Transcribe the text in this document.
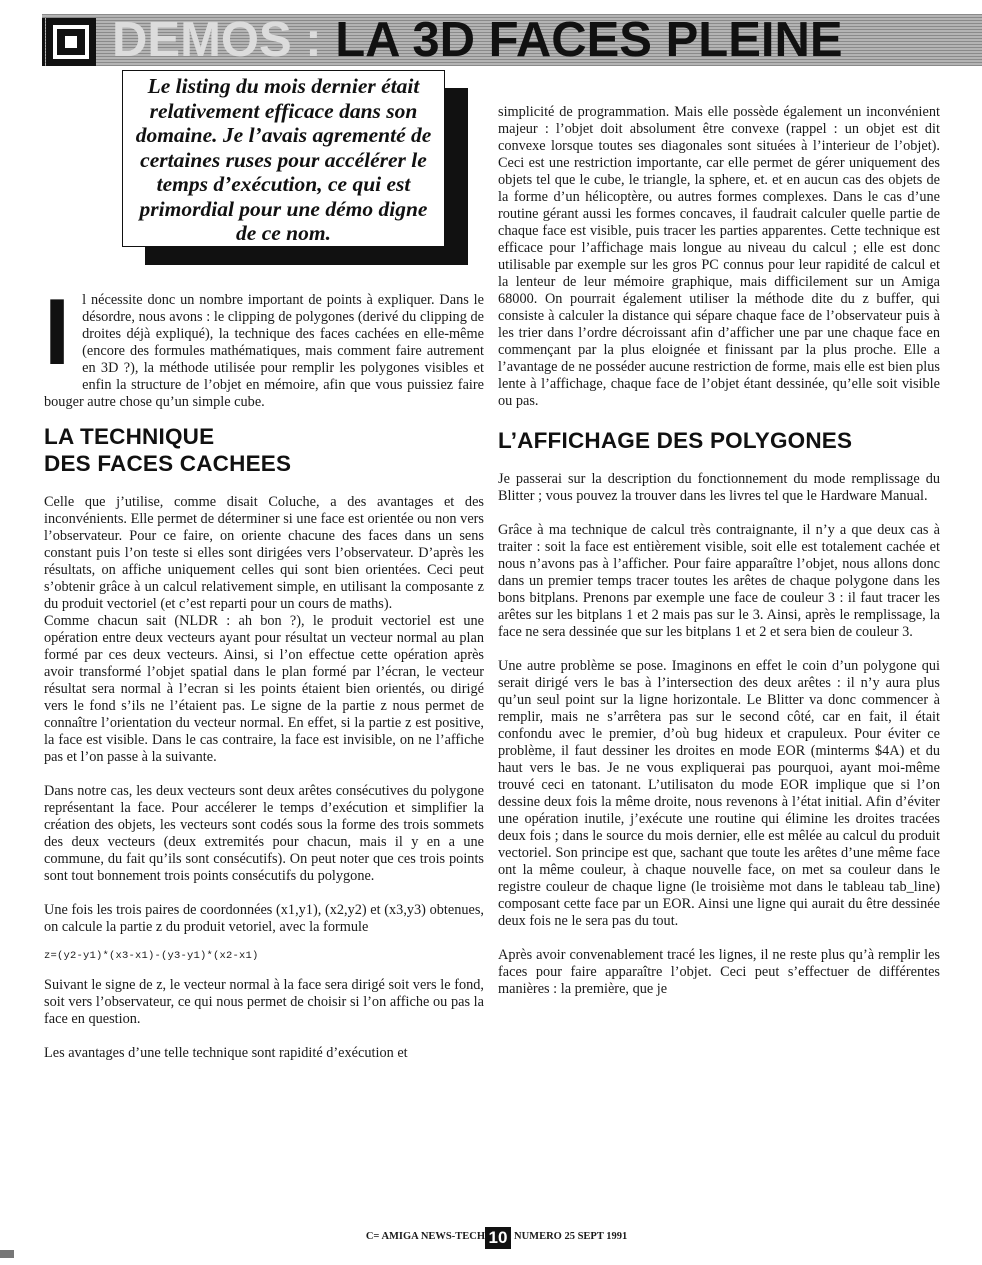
DEMOS : LA 3D FACES PLEINE

Le listing du mois dernier était relativement efficace dans son domaine. Je l’avais agrementé de certaines ruses pour accélérer le temps d’exécution, ce qui est primordial pour une démo digne de ce nom.

Il nécessite donc un nombre important de points à expliquer. Dans le désordre, nous avons : le clipping de polygones (derivé du clipping de droites déjà expliqué), la technique des faces cachées en elle-même (encore des formules mathématiques, mais comment faire autrement en 3D ?), la méthode utilisée pour remplir les polygones visibles et enfin la structure de l’objet en mémoire, afin que vous puissiez faire bouger autre chose qu’un simple cube.

LA TECHNIQUE
DES FACES CACHEES

Celle que j’utilise, comme disait Coluche, a des avantages et des inconvénients. Elle permet de déterminer si une face est orientée ou non vers l’observateur. Pour ce faire, on oriente chacune des faces dans un sens constant puis l’on teste si elles sont dirigées vers l’observateur. D’après les résultats, on affiche uniquement celles qui sont bien orientées. Ceci peut s’obtenir grâce à un calcul relativement simple, en utilisant la composante z du produit vectoriel (et c’est reparti pour un cours de maths).

Comme chacun sait (NLDR : ah bon ?), le produit vectoriel est une opération entre deux vecteurs ayant pour résultat un vecteur normal au plan formé par ces deux vecteurs. Ainsi, si l’on effectue cette opération après avoir transformé l’objet spatial dans le plan formé par l’écran, le vecteur résultat sera normal à l’ecran si les points étaient bien orientés, ou dirigé vers le fond s’ils ne l’étaient pas. Le signe de la partie z nous permet de connaître l’orientation du vecteur normal. En effet, si la partie z est positive, la face est visible. Dans le cas contraire, la face est invisible, on ne l’affiche pas et l’on passe à la suivante.

Dans notre cas, les deux vecteurs sont deux arêtes consécutives du polygone représentant la face. Pour accélerer le temps d’exécution et simplifier la création des objets, les vecteurs sont codés sous la forme des trois sommets des deux vecteurs (deux extremités pour chacun, mais il y en a une commune, du fait qu’ils sont consécutifs). On peut noter que ces trois points sont tout bonnement trois points consécutifs du polygone.

Une fois les trois paires de coordonnées (x1,y1), (x2,y2) et (x3,y3) obtenues, on calcule la partie z du produit vetoriel, avec la formule

z=(y2-y1)*(x3-x1)-(y3-y1)*(x2-x1)

Suivant le signe de z, le vecteur normal à la face sera dirigé soit vers le fond, soit vers l’observateur, ce qui nous permet de choisir si l’on affiche ou pas la face en question.

Les avantages d’une telle technique sont rapidité d’exécution et

simplicité de programmation. Mais elle possède également un inconvénient majeur : l’objet doit absolument être convexe (rappel : un objet est dit convexe lorsque toutes ses diagonales sont situées à l’interieur de l’objet). Ceci est une restriction importante, car elle permet de gérer uniquement des objets tel que le cube, le triangle, la sphere, et. et en aucun cas des objets de la forme d’un hélicoptère, ou autres formes complexes. Dans le cas d’une routine gérant aussi les formes concaves, il faudrait calculer quelle partie de chaque face est visible, puis tracer les parties apparentes. Cette technique est efficace pour l’affichage mais longue au niveau du calcul ; elle est donc utilisable par exemple sur les gros PC connus pour leur rapidité de calcul et la lenteur de leur mémoire graphique, mais difficilement sur un Amiga 68000. On pourrait également utiliser la méthode dite du z buffer, qui consiste à calculer la distance qui sépare chaque face de l’observateur puis à les trier dans l’ordre décroissant afin d’afficher une par une chaque face en commençant par la plus eloignée et finissant par la plus proche. Elle a l’avantage de ne posséder aucune restriction de forme, mais elle est bien plus lente à l’affichage, chaque face de l’objet étant dessinée, qu’elle soit visible ou pas.

L’AFFICHAGE DES POLYGONES

Je passerai sur la description du fonctionnement du mode remplissage du Blitter ; vous pouvez la trouver dans les livres tel que le Hardware Manual.

Grâce à ma technique de calcul très contraignante, il n’y a que deux cas à traiter : soit la face est entièrement visible, soit elle est totalement cachée et nous n’avons pas à l’afficher. Pour faire apparaître l’objet, nous allons donc dans un premier temps tracer toutes les arêtes de chaque polygone dans les bons bitplans. Prenons par exemple une face de couleur 3 : il faut tracer les arêtes sur les bitplans 1 et 2 mais pas sur le 3. Ainsi, après le remplissage, la face ne sera dessinée que sur les bitplans 1 et 2 et sera bien de couleur 3.

Une autre problème se pose. Imaginons en effet le coin d’un polygone qui serait dirigé vers le bas à l’intersection des deux arêtes : il n’y aura plus qu’un seul point sur la ligne horizontale. Le Blitter va donc commencer à remplir, mais ne s’arrêtera pas sur le second côté, car en fait, il était confondu avec le premier, d’où bug hideux et crapuleux. Pour éviter ce problème, il faut dessiner les droites en mode EOR (minterms $4A) et du haut vers le bas. Je ne vous expliquerai pas pourquoi, ayant moi-même trouvé ceci en tatonant. L’utilisaton du mode EOR implique que si l’on dessine deux fois la même droite, nous revenons à l’état initial. Afin d’éviter une opération inutile, j’exécute une routine qui élimine les droites tracées deux fois ; dans le source du mois dernier, elle est mêlée au calcul du produit vectoriel. Son principe est que, sachant que toute les arêtes d’une même face ont la même couleur, à chaque nouvelle face, on met sa couleur dans le registre couleur de chaque ligne (le troisième mot dans le tableau tab_line) composant cette face par un EOR. Ainsi une ligne qui aurait du être dessinée deux fois ne le sera pas du tout.

Après avoir convenablement tracé les lignes, il ne reste plus qu’à remplir les faces pour faire apparaître l’objet. Ceci peut s’effectuer de différentes manières : la première, que je

C= AMIGA NEWS-TECH 10 NUMERO 25 SEPT 1991
